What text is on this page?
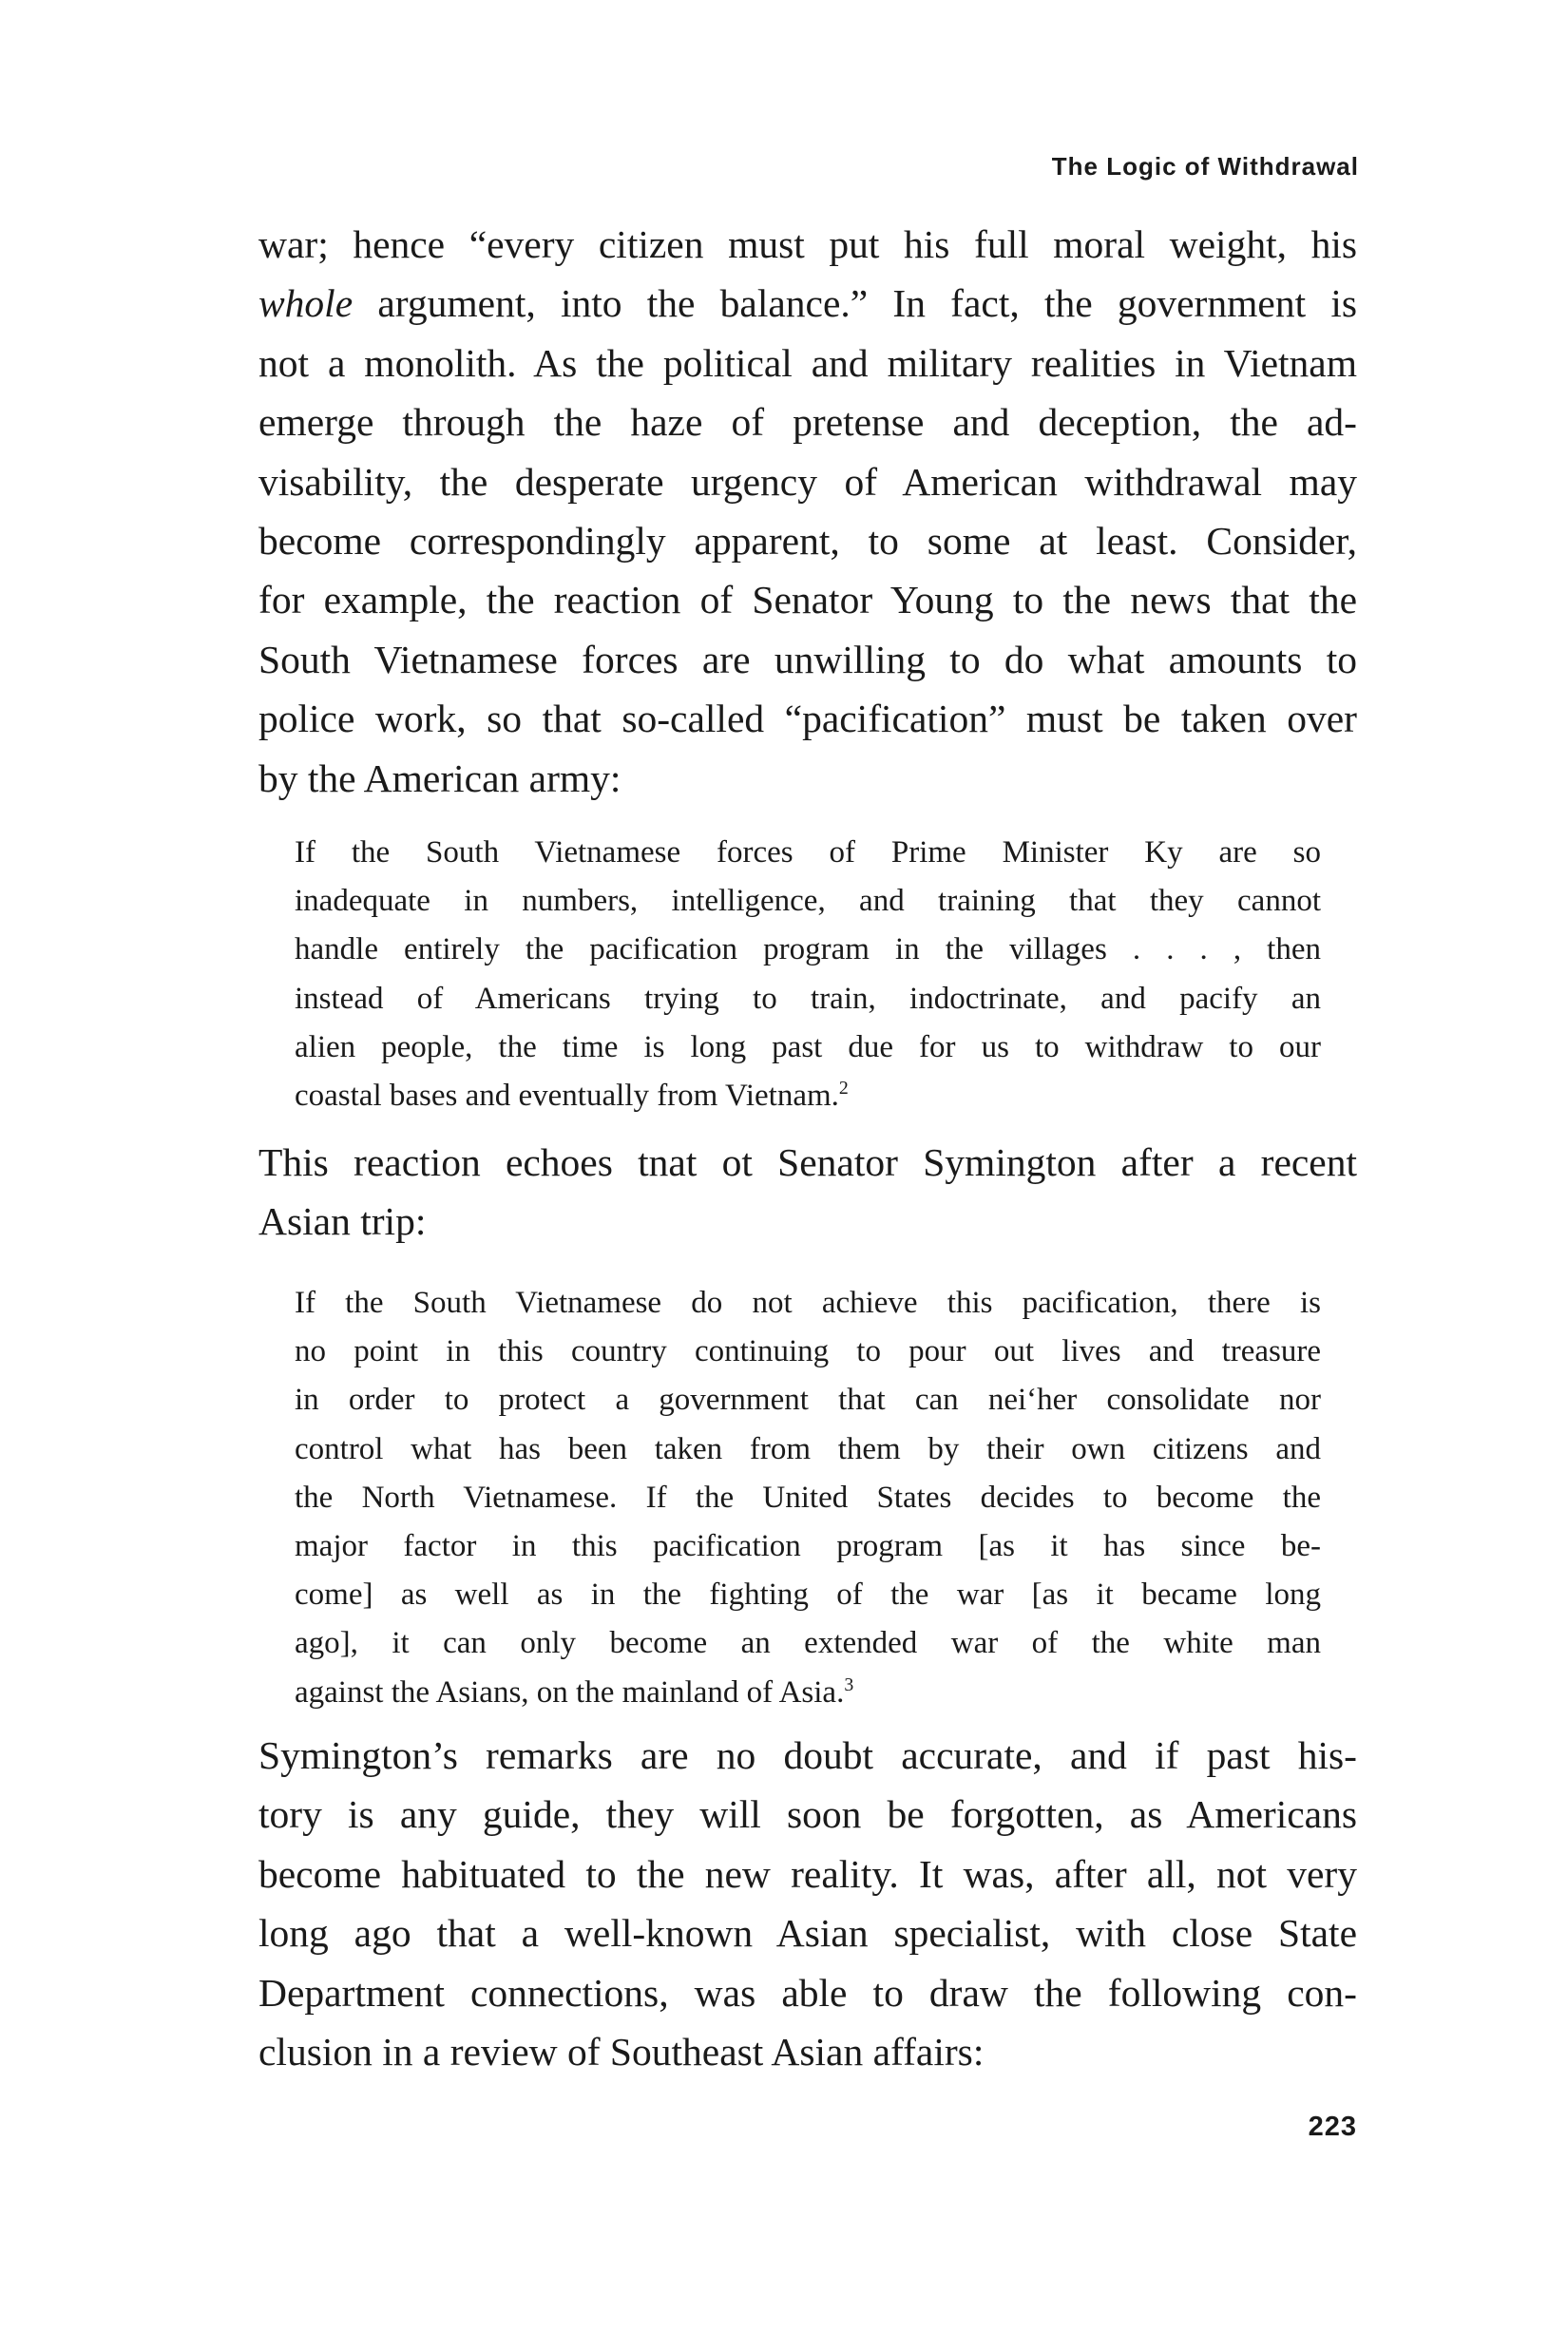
The Logic of Withdrawal
war; hence “every citizen must put his full moral weight, his
whole argument, into the balance.” In fact, the government is
not a monolith. As the political and military realities in Vietnam
emerge through the haze of pretense and deception, the ad-
visability, the desperate urgency of American withdrawal may
become correspondingly apparent, to some at least. Consider,
for example, the reaction of Senator Young to the news that the
South Vietnamese forces are unwilling to do what amounts to
police work, so that so-called “pacification” must be taken over
by the American army:
If the South Vietnamese forces of Prime Minister Ky are so
inadequate in numbers, intelligence, and training that they cannot
handle entirely the pacification program in the villages . . . , then
instead of Americans trying to train, indoctrinate, and pacify an
alien people, the time is long past due for us to withdraw to our
coastal bases and eventually from Vietnam.$^2$
This reaction echoes tnat ot Senator Symington after a recent
Asian trip:
If the South Vietnamese do not achieve this pacification, there is
no point in this country continuing to pour out lives and treasure
in order to protect a government that can nei‘her consolidate nor
control what has been taken from them by their own citizens and
the North Vietnamese. If the United States decides to become the
major factor in this pacification program [as it has since be-
come] as well as in the fighting of the war [as it became long
ago], it can only become an extended war of the white man
against the Asians, on the mainland of Asia.$^3$
Symington’s remarks are no doubt accurate, and if past his-
tory is any guide, they will soon be forgotten, as Americans
become habituated to the new reality. It was, after all, not very
long ago that a well-known Asian specialist, with close State
Department connections, was able to draw the following con-
clusion in a review of Southeast Asian affairs:
223
